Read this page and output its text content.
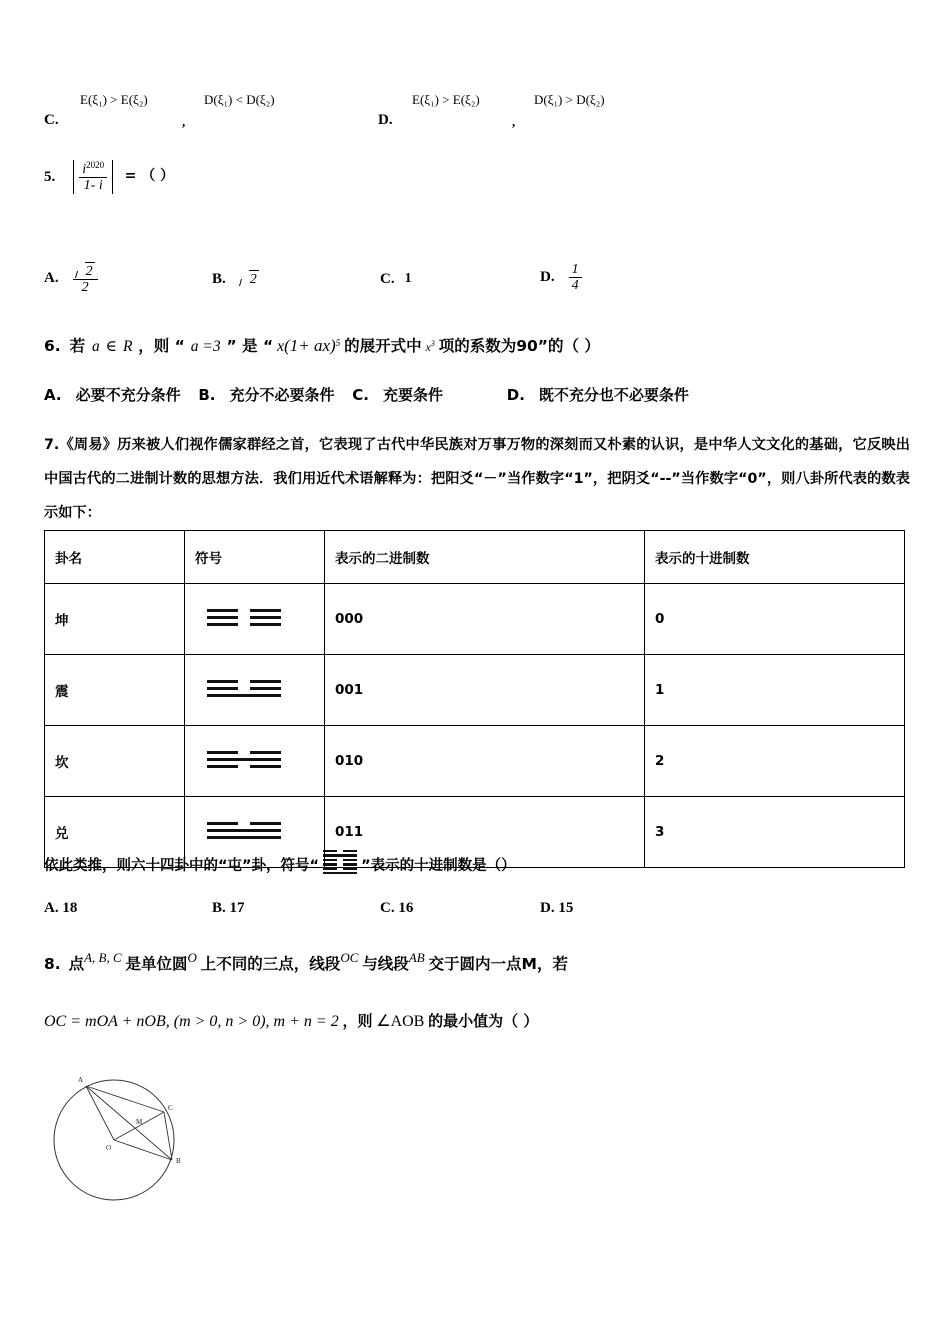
C.
E(ξ₁) > E(ξ₂)
,
D(ξ₁) < D(ξ₂)
D.
E(ξ₁) > E(ξ₂)
,
D(ξ₁) > D(ξ₂)
5. $\frac{i^{2020}}{1- i}$ = （ ）
A. $\frac{2}{2}$	B. 2	C. 1	D. $\frac{1}{4}$
6. 若 a ∈ R ，则 “ a =3 ” 是 “ x(1+ ax)$^5$ 的展开式中 $x^3$ 项的系数为90”的（ ）
A. 必要不充分条件 B. 充分不必要条件 C. 充要条件	D. 既不充分也不必要条件
7.《周易》历来被人们视作儒家群经之首，它表现了古代中华民族对万事万物的深刻而又朴素的认识，是中华人文文化的基础，它反映出中国古代的二进制计数的思想方法．我们用近代术语解释为：把阳爻“－”当作数字“1”，把阴爻“--”当作数字“0”，则八卦所代表的数表示如下：
卦名	符号	表示的二进制数	表示的十进制数
坤		000	0
震		001	1
坎		010	2
兑		011	3
依此类推，则六十四卦中的“屯”卦，符号“	”表示的十进制数是（）
A. 18	B. 17	C. 16	D. 15
8. 点$^{A, B, C}$ 是单位圆$^O$ 上不同的三点，线段$^{OC}$ 与线段$^{AB}$ 交于圆内一点M，若
OC = mOA + nOB, (m > 0, n > 0), m + n = 2 ，则 ∠AOB 的最小值为（ ）
A
B
C
M
O
